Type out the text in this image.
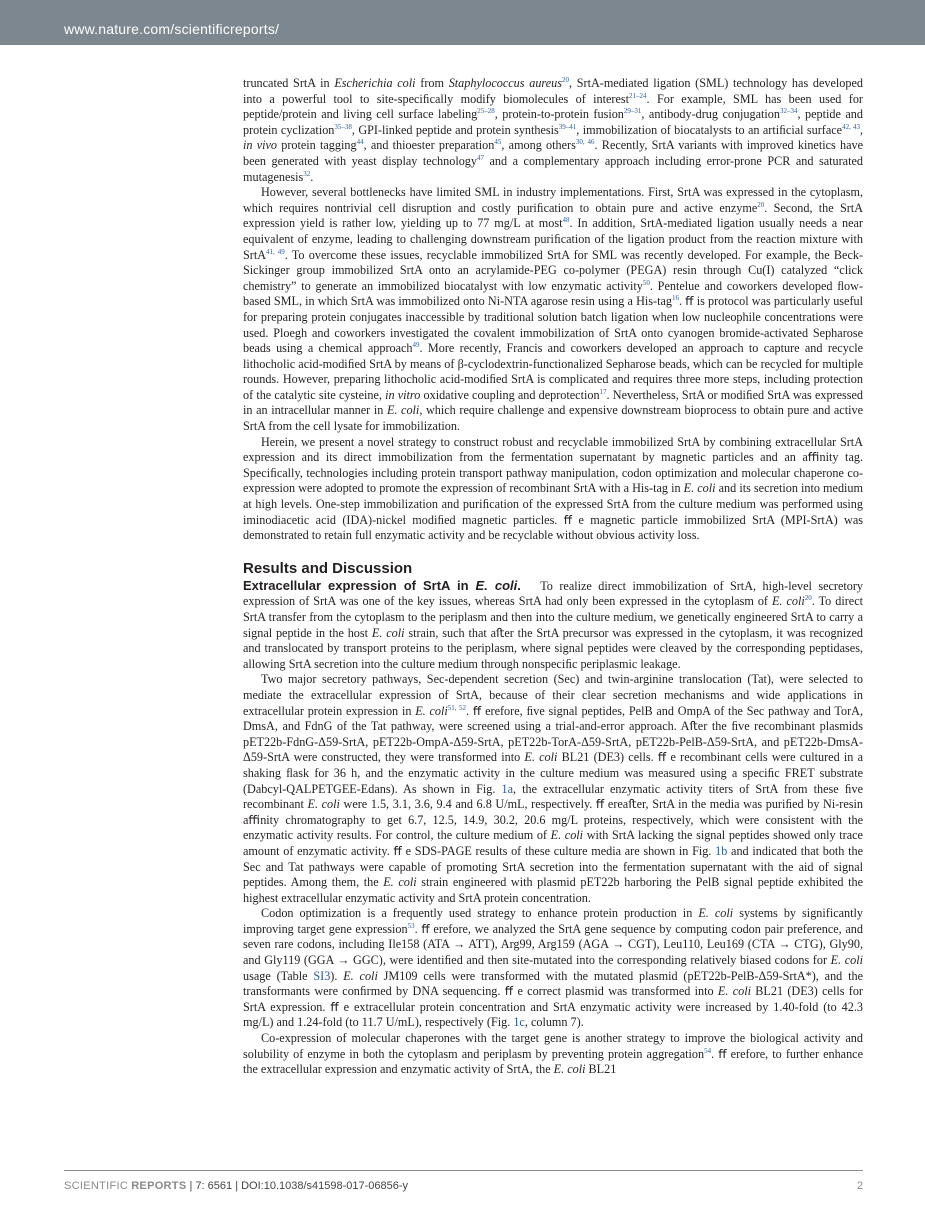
www.nature.com/scientificreports/

truncated SrtA in Escherichia coli from Staphylococcus aureus$^{20}$, SrtA-mediated ligation (SML) technology has developed into a powerful tool to site-speciﬁcally modify biomolecules of interest$^{21-24}$. For example, SML has been used for peptide/protein and living cell surface labeling$^{25-28}$, protein-to-protein fusion$^{29-31}$, antibody-drug conjugation$^{32-34}$, peptide and protein cyclization$^{35-38}$, GPI-linked peptide and protein synthesis$^{39-41}$, immobilization of biocatalysts to an artiﬁcial surface$^{42, 43}$, in vivo protein tagging$^{44}$, and thioester preparation$^{45}$, among others$^{30, 46}$. Recently, SrtA variants with improved kinetics have been generated with yeast display technology$^{47}$ and a complementary approach including error-prone PCR and saturated mutagenesis$^{32}$.

However, several bottlenecks have limited SML in industry implementations. First, SrtA was expressed in the cytoplasm, which requires nontrivial cell disruption and costly puriﬁcation to obtain pure and active enzyme$^{20}$. Second, the SrtA expression yield is rather low, yielding up to 77 mg/L at most$^{48}$. In addition, SrtA-mediated ligation usually needs a near equivalent of enzyme, leading to challenging downstream puriﬁcation of the ligation product from the reaction mixture with SrtA$^{41, 49}$. To overcome these issues, recyclable immobilized SrtA for SML was recently developed. For example, the Beck-Sickinger group immobilized SrtA onto an acrylamide-PEG co-polymer (PEGA) resin through Cu(I) catalyzed “click chemistry” to generate an immobilized biocatalyst with low enzymatic activity$^{50}$. Pentelue and coworkers developed ﬂow-based SML, in which SrtA was immobilized onto Ni-NTA agarose resin using a His-tag$^{16}$. ﬀ is protocol was particularly useful for preparing protein conjugates inaccessible by traditional solution batch ligation when low nucleophile concentrations were used. Ploegh and coworkers investigated the covalent immobilization of SrtA onto cyanogen bromide-activated Sepharose beads using a chemical approach$^{49}$. More recently, Francis and coworkers developed an approach to capture and recycle lithocholic acid-modiﬁed SrtA by means of β-cyclodextrin-functionalized Sepharose beads, which can be recycled for multiple rounds. However, preparing lithocholic acid-modiﬁed SrtA is complicated and requires three more steps, including protection of the catalytic site cysteine, in vitro oxidative coupling and deprotection$^{17}$. Nevertheless, SrtA or modiﬁed SrtA was expressed in an intracellular manner in E. coli, which require challenge and expensive downstream bioprocess to obtain pure and active SrtA from the cell lysate for immobilization.

Herein, we present a novel strategy to construct robust and recyclable immobilized SrtA by combining extracellular SrtA expression and its direct immobilization from the fermentation supernatant by magnetic particles and an aﬃnity tag. Speciﬁcally, technologies including protein transport pathway manipulation, codon optimization and molecular chaperone co-expression were adopted to promote the expression of recombinant SrtA with a His-tag in E. coli and its secretion into medium at high levels. One-step immobilization and puriﬁcation of the expressed SrtA from the culture medium was performed using iminodiacetic acid (IDA)-nickel modiﬁed magnetic particles. ﬀ e magnetic particle immobilized SrtA (MPI-SrtA) was demonstrated to retain full enzymatic activity and be recyclable without obvious activity loss.

Results and Discussion

Extracellular expression of SrtA in E. coli. To realize direct immobilization of SrtA, high-level secretory expression of SrtA was one of the key issues, whereas SrtA had only been expressed in the cytoplasm of E. coli$^{20}$. To direct SrtA transfer from the cytoplasm to the periplasm and then into the culture medium, we genetically engineered SrtA to carry a signal peptide in the host E. coli strain, such that aﬅer the SrtA precursor was expressed in the cytoplasm, it was recognized and translocated by transport proteins to the periplasm, where signal peptides were cleaved by the corresponding peptidases, allowing SrtA secretion into the culture medium through nonspeciﬁc periplasmic leakage.

Two major secretory pathways, Sec-dependent secretion (Sec) and twin-arginine translocation (Tat), were selected to mediate the extracellular expression of SrtA, because of their clear secretion mechanisms and wide applications in extracellular protein expression in E. coli$^{51, 52}$. ﬀ erefore, ﬁve signal peptides, PelB and OmpA of the Sec pathway and TorA, DmsA, and FdnG of the Tat pathway, were screened using a trial-and-error approach. Aﬅer the ﬁve recombinant plasmids pET22b-FdnG-Δ59-SrtA, pET22b-OmpA-Δ59-SrtA, pET22b-TorA-Δ59-SrtA, pET22b-PelB-Δ59-SrtA, and pET22b-DmsA-Δ59-SrtA were constructed, they were transformed into E. coli BL21 (DE3) cells. ﬀ e recombinant cells were cultured in a shaking ﬂask for 36 h, and the enzymatic activity in the culture medium was measured using a speciﬁc FRET substrate (Dabcyl-QALPETGEE-Edans). As shown in Fig. 1a, the extracellular enzymatic activity titers of SrtA from these ﬁve recombinant E. coli were 1.5, 3.1, 3.6, 9.4 and 6.8 U/mL, respectively. ﬀ ereaﬅer, SrtA in the media was puriﬁed by Ni-resin aﬃnity chromatography to get 6.7, 12.5, 14.9, 30.2, 20.6 mg/L proteins, respectively, which were consistent with the enzymatic activity results. For control, the culture medium of E. coli with SrtA lacking the signal peptides showed only trace amount of enzymatic activity. ﬀ e SDS-PAGE results of these culture media are shown in Fig. 1b and indicated that both the Sec and Tat pathways were capable of promoting SrtA secretion into the fermentation supernatant with the aid of signal peptides. Among them, the E. coli strain engineered with plasmid pET22b harboring the PelB signal peptide exhibited the highest extracellular enzymatic activity and SrtA protein concentration.

Codon optimization is a frequently used strategy to enhance protein production in E. coli systems by significantly improving target gene expression$^{53}$. ﬀ erefore, we analyzed the SrtA gene sequence by computing codon pair preference, and seven rare codons, including Ile158 (ATA → ATT), Arg99, Arg159 (AGA → CGT), Leu110, Leu169 (CTA → CTG), Gly90, and Gly119 (GGA → GGC), were identiﬁed and then site-mutated into the corresponding relatively biased codons for E. coli usage (Table SI3). E. coli JM109 cells were transformed with the mutated plasmid (pET22b-PelB-Δ59-SrtA*), and the transformants were conﬁrmed by DNA sequencing. ﬀ e correct plasmid was transformed into E. coli BL21 (DE3) cells for SrtA expression. ﬀ e extracellular protein concentration and SrtA enzymatic activity were increased by 1.40-fold (to 42.3 mg/L) and 1.24-fold (to 11.7 U/mL), respectively (Fig. 1c, column 7).

Co-expression of molecular chaperones with the target gene is another strategy to improve the biological activity and solubility of enzyme in both the cytoplasm and periplasm by preventing protein aggregation$^{54}$. ﬀ erefore, to further enhance the extracellular expression and enzymatic activity of SrtA, the E. coli BL21

SCIENTIFIC REPORTS | 7: 6561 | DOI:10.1038/s41598-017-06856-y	2
